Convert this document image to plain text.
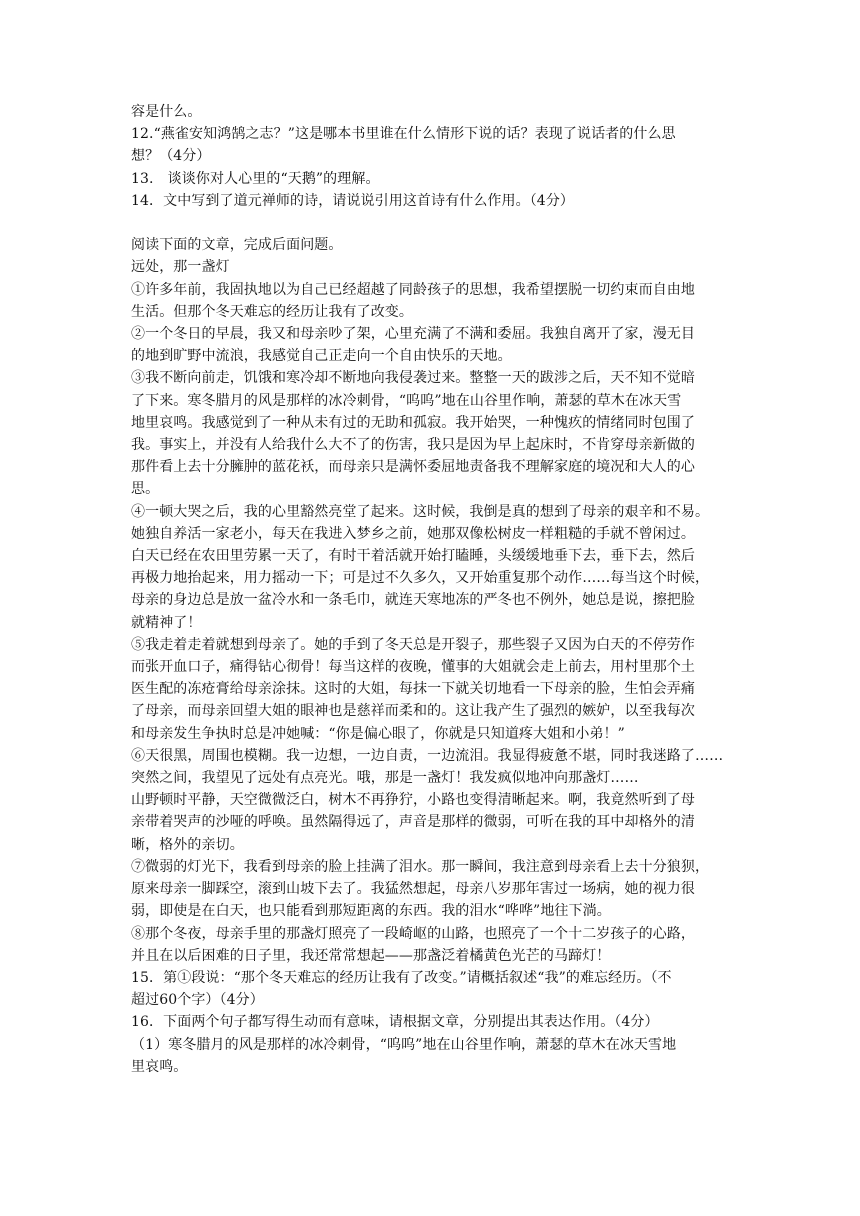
容是什么。
12.“燕雀安知鸿鹄之志？”这是哪本书里谁在什么情形下说的话？表现了说话者的什么思
想？（4分）
13.　谈谈你对人心里的“天鹅”的理解。
14．文中写到了道元禅师的诗，请说说引用这首诗有什么作用。（4分）
阅读下面的文章，完成后面问题。
远处，那一盏灯
①许多年前，我固执地以为自己已经超越了同龄孩子的思想，我希望摆脱一切约束而自由地
生活。但那个冬天难忘的经历让我有了改变。
②一个冬日的早晨，我又和母亲吵了架，心里充满了不满和委屈。我独自离开了家，漫无目
的地到旷野中流浪，我感觉自己正走向一个自由快乐的天地。
③我不断向前走，饥饿和寒冷却不断地向我侵袭过来。整整一天的跋涉之后，天不知不觉暗
了下来。寒冬腊月的风是那样的冰冷刺骨，“呜呜”地在山谷里作响，萧瑟的草木在冰天雪
地里哀鸣。我感觉到了一种从未有过的无助和孤寂。我开始哭，一种愧疚的情绪同时包围了
我。事实上，并没有人给我什么大不了的伤害，我只是因为早上起床时，不肯穿母亲新做的
那件看上去十分臃肿的蓝花袄，而母亲只是满怀委屈地责备我不理解家庭的境况和大人的心
思。
④一顿大哭之后，我的心里豁然亮堂了起来。这时候，我倒是真的想到了母亲的艰辛和不易。
她独自养活一家老小，每天在我进入梦乡之前，她那双像松树皮一样粗糙的手就不曾闲过。
白天已经在农田里劳累一天了，有时干着活就开始打瞌睡，头缓缓地垂下去，垂下去，然后
再极力地抬起来，用力摇动一下；可是过不久多久，又开始重复那个动作……每当这个时候，
母亲的身边总是放一盆冷水和一条毛巾，就连天寒地冻的严冬也不例外，她总是说，擦把脸
就精神了！
⑤我走着走着就想到母亲了。她的手到了冬天总是开裂子，那些裂子又因为白天的不停劳作
而张开血口子，痛得钻心彻骨！每当这样的夜晚，懂事的大姐就会走上前去，用村里那个土
医生配的冻疮膏给母亲涂抹。这时的大姐，每抹一下就关切地看一下母亲的脸，生怕会弄痛
了母亲，而母亲回望大姐的眼神也是慈祥而柔和的。这让我产生了强烈的嫉妒，以至我每次
和母亲发生争执时总是冲她喊：“你是偏心眼了，你就是只知道疼大姐和小弟！”
⑥天很黑，周围也模糊。我一边想，一边自责，一边流泪。我显得疲惫不堪，同时我迷路了……
突然之间，我望见了远处有点亮光。哦，那是一盏灯！我发疯似地冲向那盏灯……
山野顿时平静，天空微微泛白，树木不再狰狞，小路也变得清晰起来。啊，我竟然听到了母
亲带着哭声的沙哑的呼唤。虽然隔得远了，声音是那样的微弱，可听在我的耳中却格外的清
晰，格外的亲切。
⑦微弱的灯光下，我看到母亲的脸上挂满了泪水。那一瞬间，我注意到母亲看上去十分狼狈，
原来母亲一脚踩空，滚到山坡下去了。我猛然想起，母亲八岁那年害过一场病，她的视力很
弱，即使是在白天，也只能看到那短距离的东西。我的泪水“哗哗”地往下淌。
⑧那个冬夜，母亲手里的那盏灯照亮了一段崎岖的山路，也照亮了一个十二岁孩子的心路，
并且在以后困难的日子里，我还常常想起——那盏泛着橘黄色光芒的马蹄灯！
15．第①段说：“那个冬天难忘的经历让我有了改变。”请概括叙述“我”的难忘经历。（不
超过60个字）（4分）
16．下面两个句子都写得生动而有意味，请根据文章，分别提出其表达作用。（4分）
（1）寒冬腊月的风是那样的冰冷刺骨，“呜呜”地在山谷里作响，萧瑟的草木在冰天雪地
里哀鸣。
